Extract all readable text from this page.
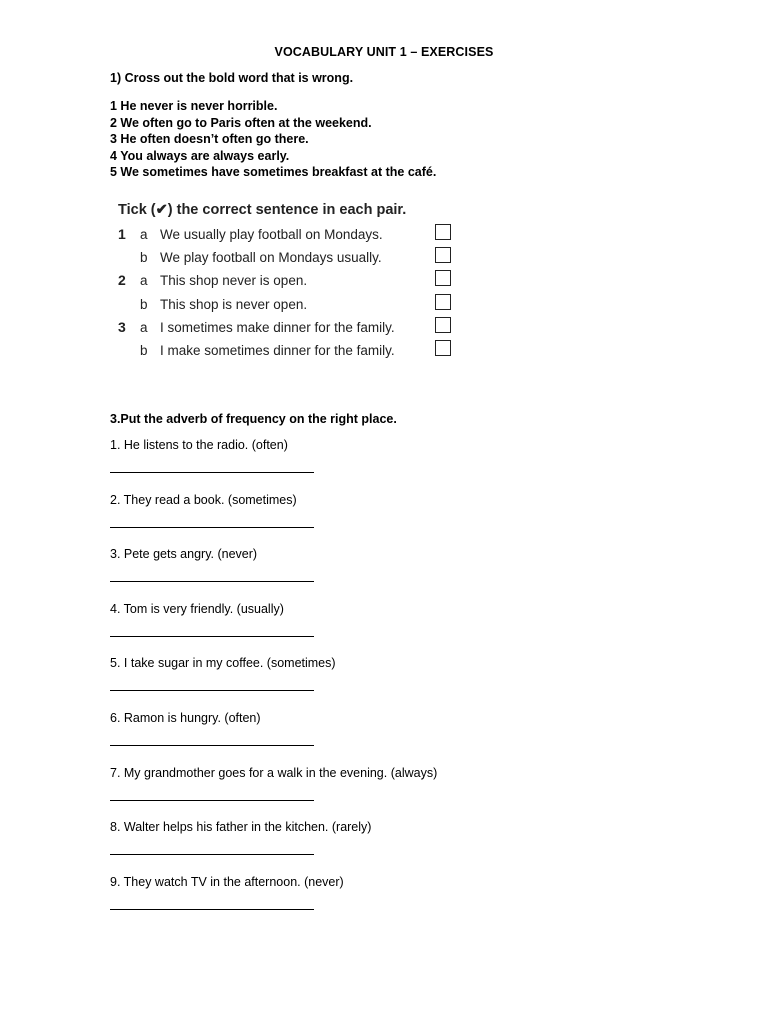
VOCABULARY UNIT 1 – EXERCISES
1) Cross out the bold word that is wrong.
1 He never is never horrible.
2 We often go to Paris often at the weekend.
3 He often doesn’t often go there.
4 You always are always early.
5 We sometimes have sometimes breakfast at the café.
Tick (✔) the correct sentence in each pair.
1 a We usually play football on Mondays.
b We play football on Mondays usually.
2 a This shop never is open.
b This shop is never open.
3 a I sometimes make dinner for the family.
b I make sometimes dinner for the family.
3.Put the adverb of frequency on the right place.
1. He listens to the radio. (often)
2. They read a book. (sometimes)
3. Pete gets angry. (never)
4. Tom is very friendly. (usually)
5. I take sugar in my coffee. (sometimes)
6. Ramon is hungry. (often)
7. My grandmother goes for a walk in the evening. (always)
8. Walter helps his father in the kitchen. (rarely)
9. They watch TV in the afternoon. (never)
